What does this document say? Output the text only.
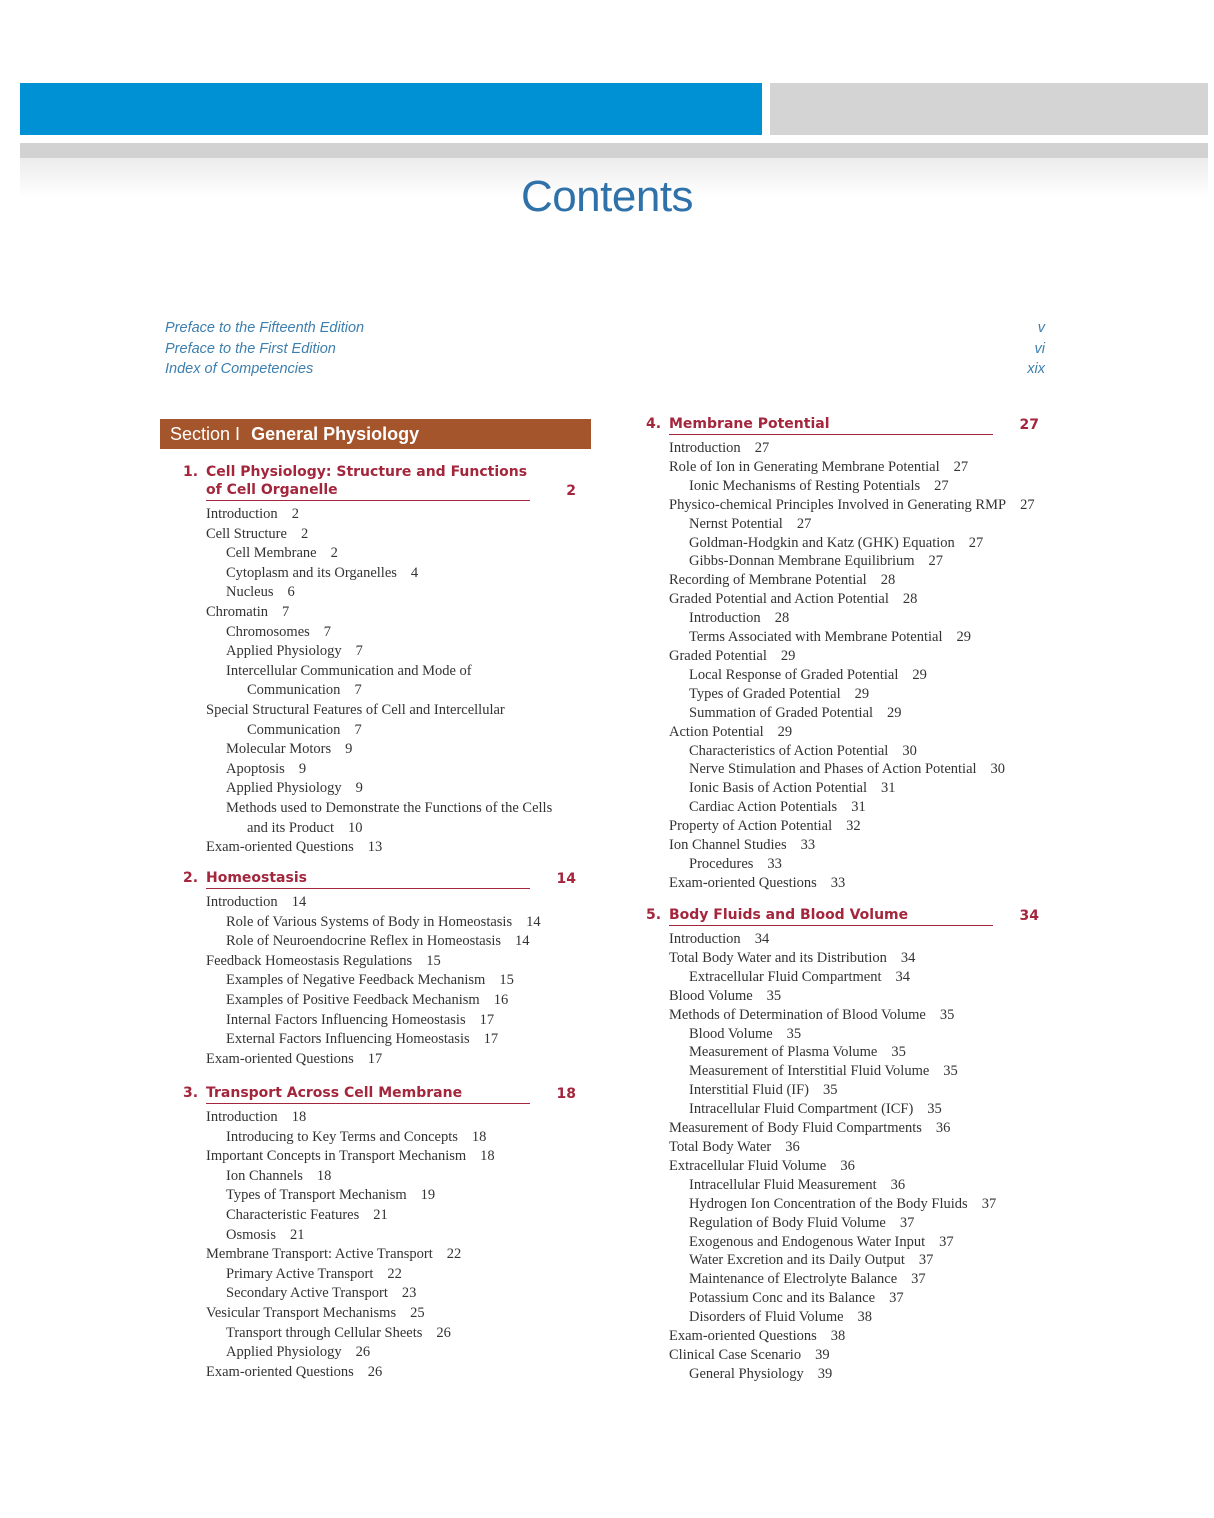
Contents
Preface to the Fifteenth Edition	v
Preface to the First Edition	vi
Index of Competencies	xix
Section I General Physiology
1. Cell Physiology: Structure and Functions
of Cell Organelle	2
Introduction 2
Cell Structure 2
Cell Membrane 2
Cytoplasm and its Organelles 4
Nucleus 6
Chromatin 7
Chromosomes 7
Applied Physiology 7
Intercellular Communication and Mode of
Communication 7
Special Structural Features of Cell and Intercellular
Communication 7
Molecular Motors 9
Apoptosis 9
Applied Physiology 9
Methods used to Demonstrate the Functions of the Cells
and its Product 10
Exam-oriented Questions 13
2. Homeostasis	14
Introduction 14
Role of Various Systems of Body in Homeostasis 14
Role of Neuroendocrine Reflex in Homeostasis 14
Feedback Homeostasis Regulations 15
Examples of Negative Feedback Mechanism 15
Examples of Positive Feedback Mechanism 16
Internal Factors Influencing Homeostasis 17
External Factors Influencing Homeostasis 17
Exam-oriented Questions 17
3. Transport Across Cell Membrane	18
Introduction 18
Introducing to Key Terms and Concepts 18
Important Concepts in Transport Mechanism 18
Ion Channels 18
Types of Transport Mechanism 19
Characteristic Features 21
Osmosis 21
Membrane Transport: Active Transport 22
Primary Active Transport 22
Secondary Active Transport 23
Vesicular Transport Mechanisms 25
Transport through Cellular Sheets 26
Applied Physiology 26
Exam-oriented Questions 26
4. Membrane Potential	27
Introduction 27
Role of Ion in Generating Membrane Potential 27
Ionic Mechanisms of Resting Potentials 27
Physico-chemical Principles Involved in Generating RMP 27
Nernst Potential 27
Goldman-Hodgkin and Katz (GHK) Equation 27
Gibbs-Donnan Membrane Equilibrium 27
Recording of Membrane Potential 28
Graded Potential and Action Potential 28
Introduction 28
Terms Associated with Membrane Potential 29
Graded Potential 29
Local Response of Graded Potential 29
Types of Graded Potential 29
Summation of Graded Potential 29
Action Potential 29
Characteristics of Action Potential 30
Nerve Stimulation and Phases of Action Potential 30
Ionic Basis of Action Potential 31
Cardiac Action Potentials 31
Property of Action Potential 32
Ion Channel Studies 33
Procedures 33
Exam-oriented Questions 33
5. Body Fluids and Blood Volume	34
Introduction 34
Total Body Water and its Distribution 34
Extracellular Fluid Compartment 34
Blood Volume 35
Methods of Determination of Blood Volume 35
Blood Volume 35
Measurement of Plasma Volume 35
Measurement of Interstitial Fluid Volume 35
Interstitial Fluid (IF) 35
Intracellular Fluid Compartment (ICF) 35
Measurement of Body Fluid Compartments 36
Total Body Water 36
Extracellular Fluid Volume 36
Intracellular Fluid Measurement 36
Hydrogen Ion Concentration of the Body Fluids 37
Regulation of Body Fluid Volume 37
Exogenous and Endogenous Water Input 37
Water Excretion and its Daily Output 37
Maintenance of Electrolyte Balance 37
Potassium Conc and its Balance 37
Disorders of Fluid Volume 38
Exam-oriented Questions 38
Clinical Case Scenario 39
General Physiology 39
